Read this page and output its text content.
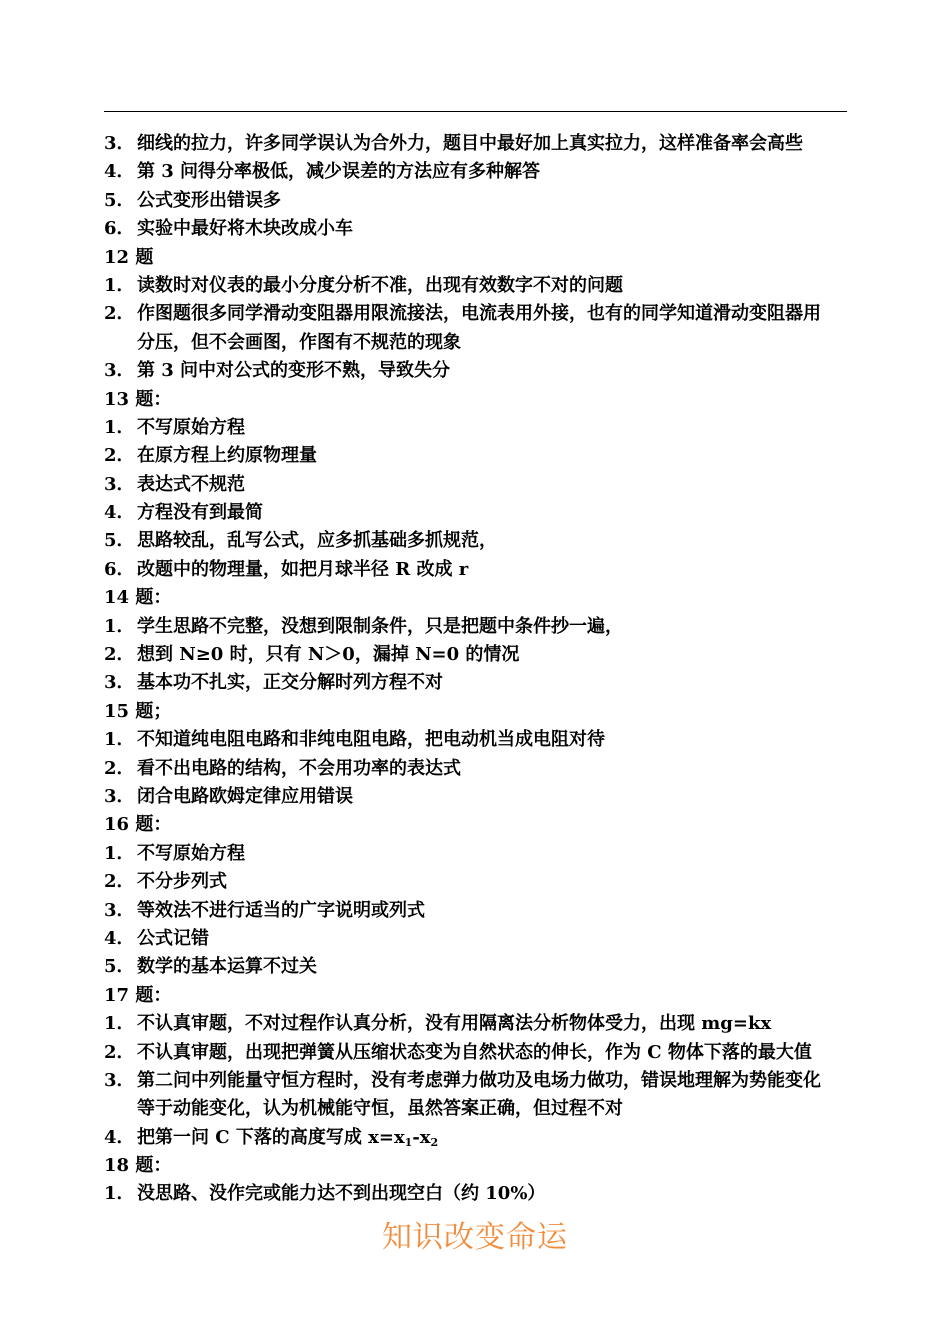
3． 细线的拉力，许多同学误认为合外力，题目中最好加上真实拉力，这样准备率会高些
4． 第 3 问得分率极低，减少误差的方法应有多种解答
5． 公式变形出错误多
6． 实验中最好将木块改成小车
12 题
1． 读数时对仪表的最小分度分析不准，出现有效数字不对的问题
2． 作图题很多同学滑动变阻器用限流接法，电流表用外接，也有的同学知道滑动变阻器用
分压，但不会画图，作图有不规范的现象
3． 第 3 问中对公式的变形不熟，导致失分
13 题：
1． 不写原始方程
2． 在原方程上约原物理量
3． 表达式不规范
4． 方程没有到最简
5． 思路较乱，乱写公式，应多抓基础多抓规范，
6． 改题中的物理量，如把月球半径 R 改成 r
14 题：
1． 学生思路不完整，没想到限制条件，只是把题中条件抄一遍，
2． 想到 N≥0 时，只有 N＞0，漏掉 N=0 的情况
3． 基本功不扎实，正交分解时列方程不对
15 题；
1． 不知道纯电阻电路和非纯电阻电路，把电动机当成电阻对待
2． 看不出电路的结构，不会用功率的表达式
3． 闭合电路欧姆定律应用错误
16 题：
1． 不写原始方程
2． 不分步列式
3． 等效法不进行适当的广字说明或列式
4． 公式记错
5． 数学的基本运算不过关
17 题：
1． 不认真审题，不对过程作认真分析，没有用隔离法分析物体受力，出现 mg=kx
2． 不认真审题，出现把弹簧从压缩状态变为自然状态的伸长，作为 C 物体下落的最大值
3． 第二问中列能量守恒方程时，没有考虑弹力做功及电场力做功，错误地理解为势能变化
等于动能变化，认为机械能守恒，虽然答案正确，但过程不对
4． 把第一问 C 下落的高度写成 $x=x_1-x_2$
18 题：
1． 没思路、没作完或能力达不到出现空白（约 10%）
知识改变命运
